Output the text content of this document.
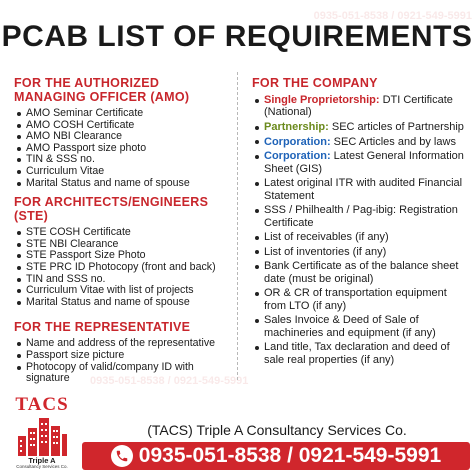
0935-051-8538 / 0921-549-5991
0935-051-8538 / 0921-549-5991
PCAB LIST OF REQUIREMENTS
FOR THE AUTHORIZED MANAGING OFFICER (AMO)
AMO Seminar Certificate
AMO COSH Certificate
AMO NBI Clearance
AMO Passport size photo
TIN & SSS no.
Curriculum Vitae
Marital Status and name of spouse
FOR ARCHITECTS/ENGINEERS (STE)
STE COSH Certificate
STE NBI Clearance
STE Passport Size Photo
STE PRC ID Photocopy (front and back)
TIN and SSS no.
Curriculum Vitae with list of projects
Marital Status and name of spouse
FOR THE REPRESENTATIVE
Name and address of the representative
Passport size picture
Photocopy of valid/company ID with signature
FOR THE COMPANY
Single Proprietorship: DTI Certificate (National)
Partnership: SEC articles of Partnership
Corporation: SEC Articles and by laws
Corporation: Latest General Information Sheet (GIS)
Latest original ITR with audited Financial Statement
SSS / Philhealth / Pag-ibig: Registration Certificate
List of receivables (if any)
List of inventories (if any)
Bank Certificate as of the balance sheet date (must be original)
OR & CR of transportation equipment from LTO (if any)
Sales Invoice & Deed of Sale of machineries and equipment (if any)
Land title, Tax declaration and deed of sale real properties (if any)
TACS
Triple A
Consultancy Services Co.
(TACS) Triple A Consultancy Services Co.
0935-051-8538 / 0921-549-5991
